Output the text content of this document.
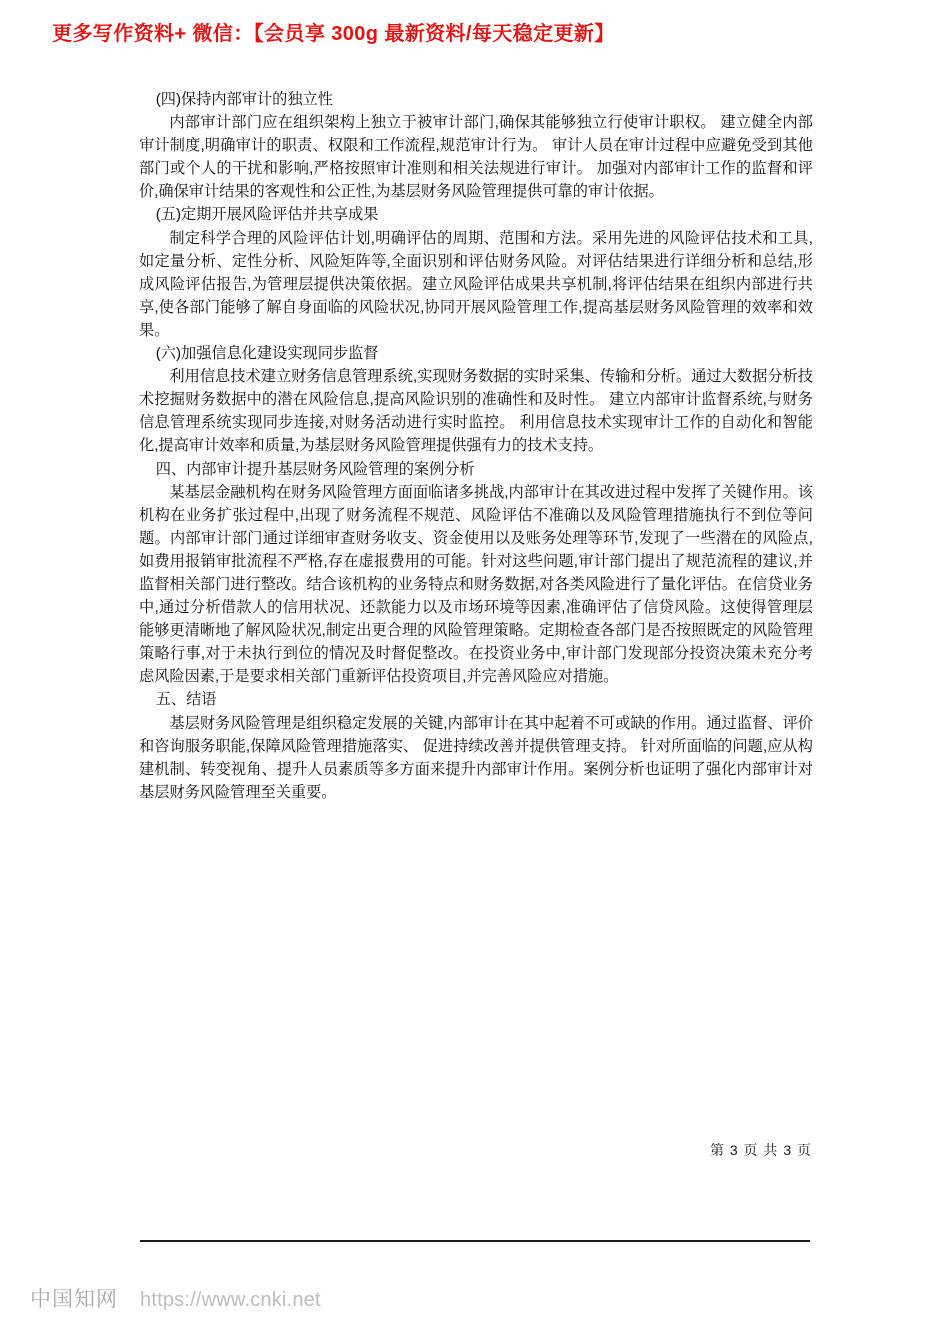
更多写作资料+ 微信：【会员享 300g 最新资料/每天稳定更新】
(四)保持内部审计的独立性

内部审计部门应在组织架构上独立于被审计部门,确保其能够独立行使审计职权。 建立健全内部审计制度,明确审计的职责、权限和工作流程,规范审计行为。 审计人员在审计过程中应避免受到其他部门或个人的干扰和影响,严格按照审计准则和相关法规进行审计。 加强对内部审计工作的监督和评价,确保审计结果的客观性和公正性,为基层财务风险管理提供可靠的审计依据。

(五)定期开展风险评估并共享成果

制定科学合理的风险评估计划,明确评估的周期、范围和方法。采用先进的风险评估技术和工具,如定量分析、定性分析、风险矩阵等,全面识别和评估财务风险。对评估结果进行详细分析和总结,形成风险评估报告,为管理层提供决策依据。建立风险评估成果共享机制,将评估结果在组织内部进行共享,使各部门能够了解自身面临的风险状况,协同开展风险管理工作,提高基层财务风险管理的效率和效果。

(六)加强信息化建设实现同步监督

利用信息技术建立财务信息管理系统,实现财务数据的实时采集、传输和分析。通过大数据分析技术挖掘财务数据中的潜在风险信息,提高风险识别的准确性和及时性。 建立内部审计监督系统,与财务信息管理系统实现同步连接,对财务活动进行实时监控。 利用信息技术实现审计工作的自动化和智能化,提高审计效率和质量,为基层财务风险管理提供强有力的技术支持。

四、内部审计提升基层财务风险管理的案例分析

某基层金融机构在财务风险管理方面面临诸多挑战,内部审计在其改进过程中发挥了关键作用。该机构在业务扩张过程中,出现了财务流程不规范、风险评估不准确以及风险管理措施执行不到位等问题。内部审计部门通过详细审查财务收支、资金使用以及账务处理等环节,发现了一些潜在的风险点,如费用报销审批流程不严格,存在虚报费用的可能。针对这些问题,审计部门提出了规范流程的建议,并监督相关部门进行整改。结合该机构的业务特点和财务数据,对各类风险进行了量化评估。在信贷业务中,通过分析借款人的信用状况、还款能力以及市场环境等因素,准确评估了信贷风险。这使得管理层能够更清晰地了解风险状况,制定出更合理的风险管理策略。定期检查各部门是否按照既定的风险管理策略行事,对于未执行到位的情况及时督促整改。在投资业务中,审计部门发现部分投资决策未充分考虑风险因素,于是要求相关部门重新评估投资项目,并完善风险应对措施。

五、结语

基层财务风险管理是组织稳定发展的关键,内部审计在其中起着不可或缺的作用。通过监督、评价和咨询服务职能,保障风险管理措施落实、 促进持续改善并提供管理支持。 针对所面临的问题,应从构建机制、转变视角、提升人员素质等多方面来提升内部审计作用。案例分析也证明了强化内部审计对基层财务风险管理至关重要。

第 3 页 共 3 页
中国知网 https://www.cnki.net
